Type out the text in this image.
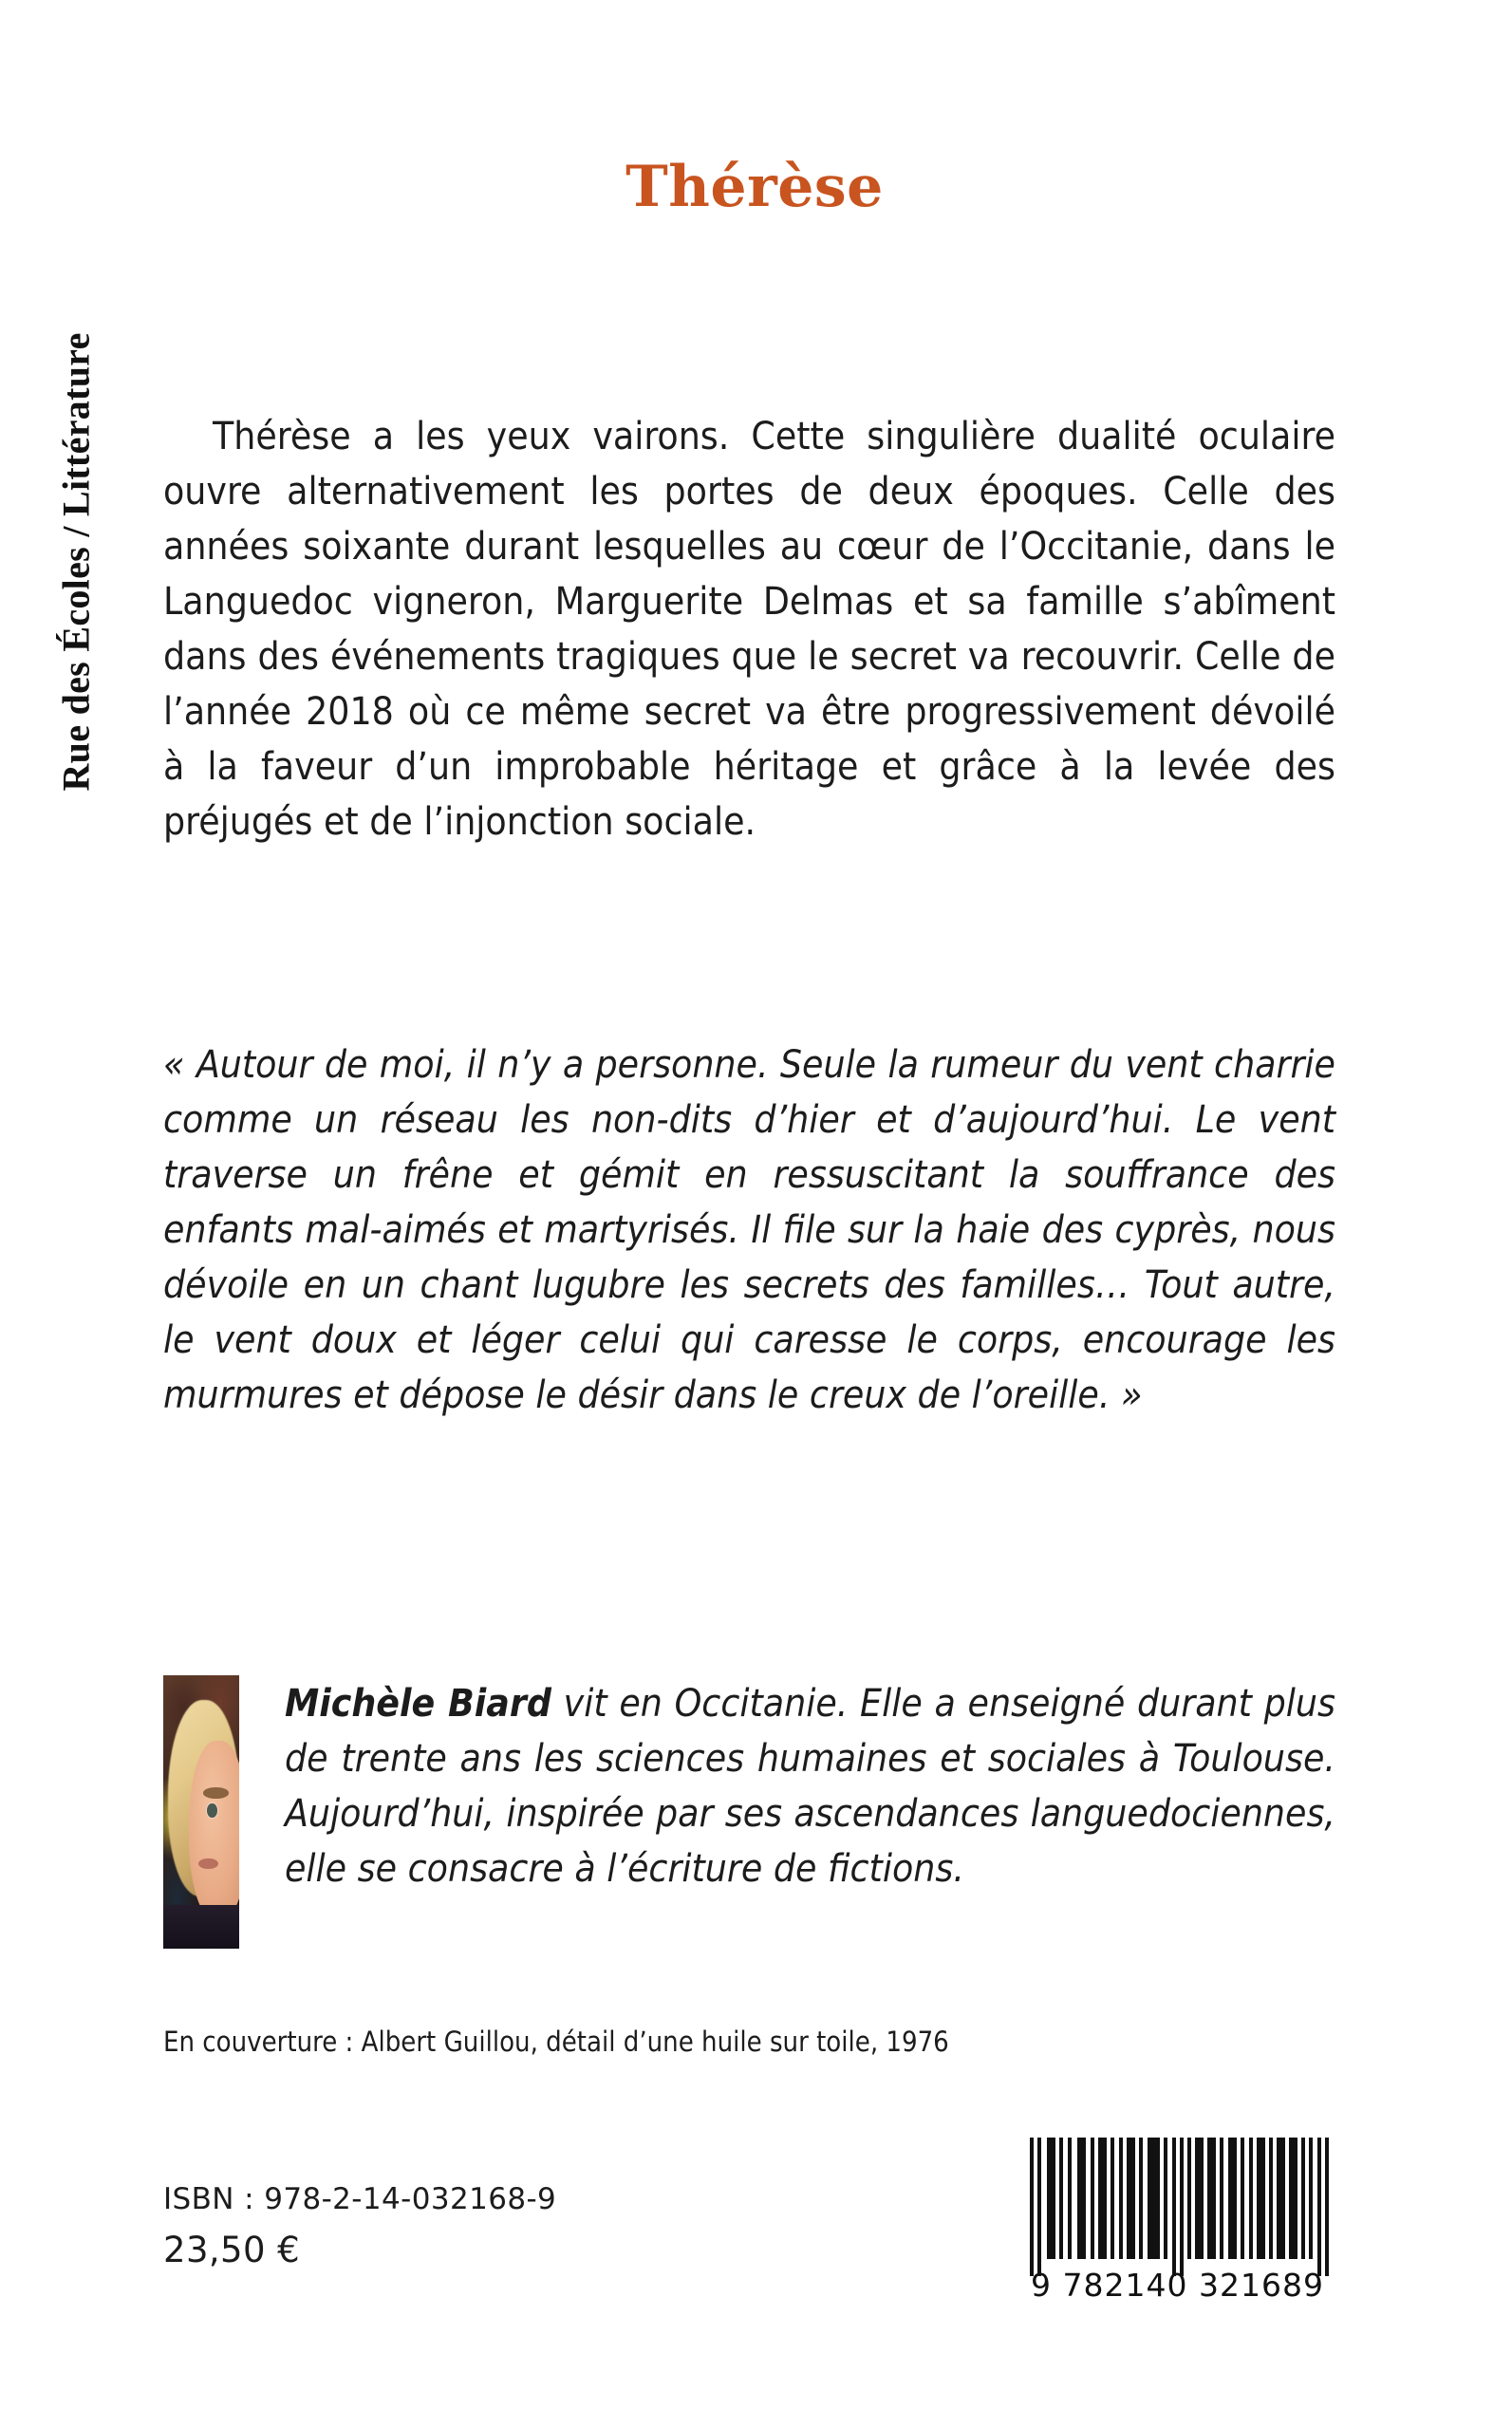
Rue des Écoles / Littérature
Thérèse
Thérèse a les yeux vairons. Cette singulière dualité oculaire ouvre alternativement les portes de deux époques. Celle des années soixante durant lesquelles au cœur de l’Occitanie, dans le Languedoc vigneron, Marguerite Delmas et sa famille s’abîment dans des événements tragiques que le secret va recouvrir. Celle de l’année 2018 où ce même secret va être progressivement dévoilé à la faveur d’un improbable héritage et grâce à la levée des préjugés et de l’injonction sociale.
« Autour de moi, il n’y a personne. Seule la rumeur du vent charrie comme un réseau les non-dits d’hier et d’aujourd’hui. Le vent traverse un frêne et gémit en ressuscitant la souffrance des enfants mal-aimés et martyrisés. Il file sur la haie des cyprès, nous dévoile en un chant lugubre les secrets des familles… Tout autre, le vent doux et léger celui qui caresse le corps, encourage les murmures et dépose le désir dans le creux de l’oreille. »
Michèle Biard vit en Occitanie. Elle a enseigné durant plus de trente ans les sciences humaines et sociales à Toulouse. Aujourd’hui, inspirée par ses ascendances languedociennes, elle se consacre à l’écriture de fictions.
En couverture : Albert Guillou, détail d’une huile sur toile, 1976
ISBN : 978-2-14-032168-9
23,50 €
9 782140 321689
